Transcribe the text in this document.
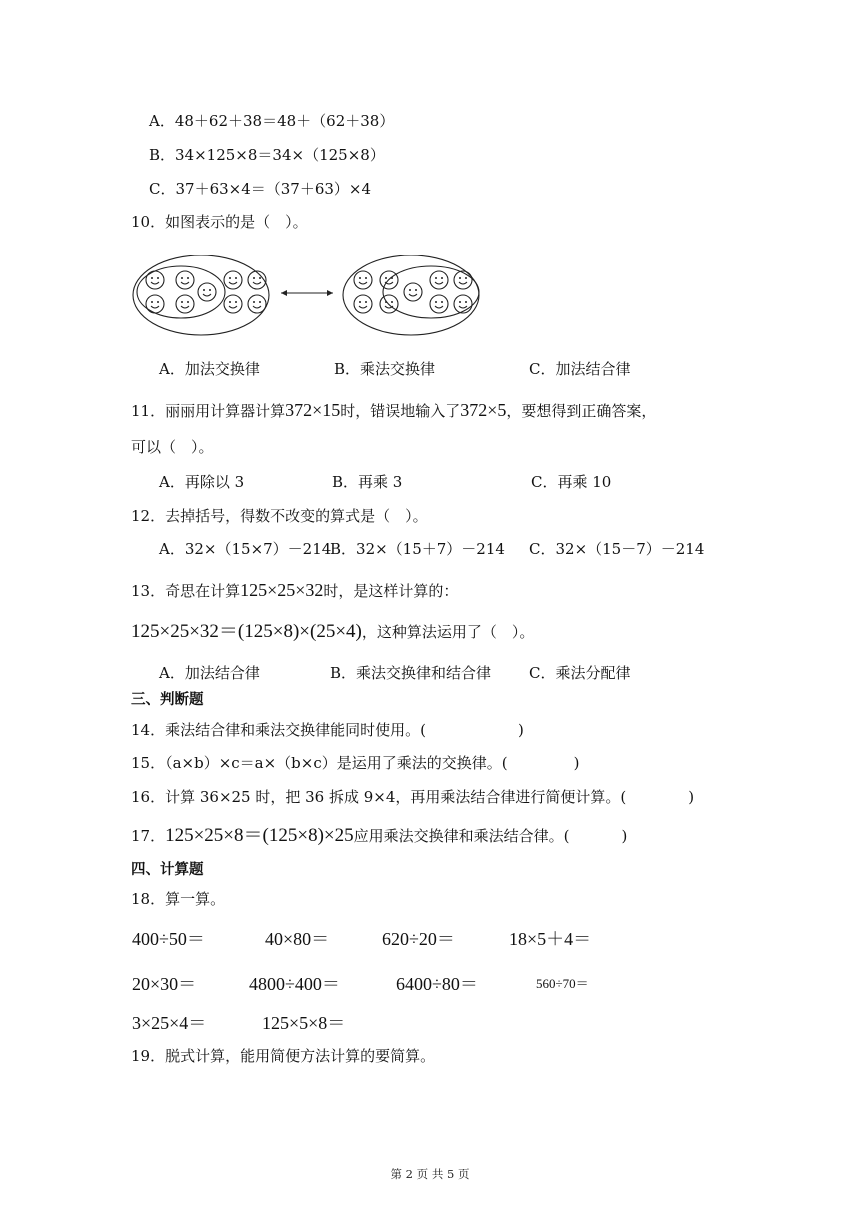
A．48＋62＋38＝48＋（62＋38）
B．34×125×8＝34×（125×8）
C．37＋63×4＝（37＋63）×4
10．如图表示的是（　）。
A．加法交换律	B．乘法交换律	C．加法结合律
11．丽丽用计算器计算372×15时，错误地输入了372×5，要想得到正确答案，
可以（　）。
A．再除以 3	B．再乘 3	C．再乘 10
12．去掉括号，得数不改变的算式是（　）。
A．32×（15×7）－214
B．32×（15＋7）－214 C．32×（15－7）－214
13．奇思在计算125×25×32时，是这样计算的：
125×25×32＝(125×8)×(25×4)，这种算法运用了（　）。
A．加法结合律	B．乘法交换律和结合律	C．乘法分配律
三、判断题
14．乘法结合律和乘法交换律能同时使用。(	)
15．（a×b）×c＝a×（b×c）是运用了乘法的交换律。(	)
16．计算 36×25 时，把 36 拆成 9×4，再用乘法结合律进行简便计算。(	)
17．125×25×8＝(125×8)×25应用乘法交换律和乘法结合律。(	)
四、计算题
18．算一算。
400÷50＝	40×80＝	620÷20＝	18×5＋4＝
20×30＝	4800÷400＝	6400÷80＝	560÷70＝
3×25×4＝	125×5×8＝
19．脱式计算，能用简便方法计算的要简算。
第 2 页 共 5 页
